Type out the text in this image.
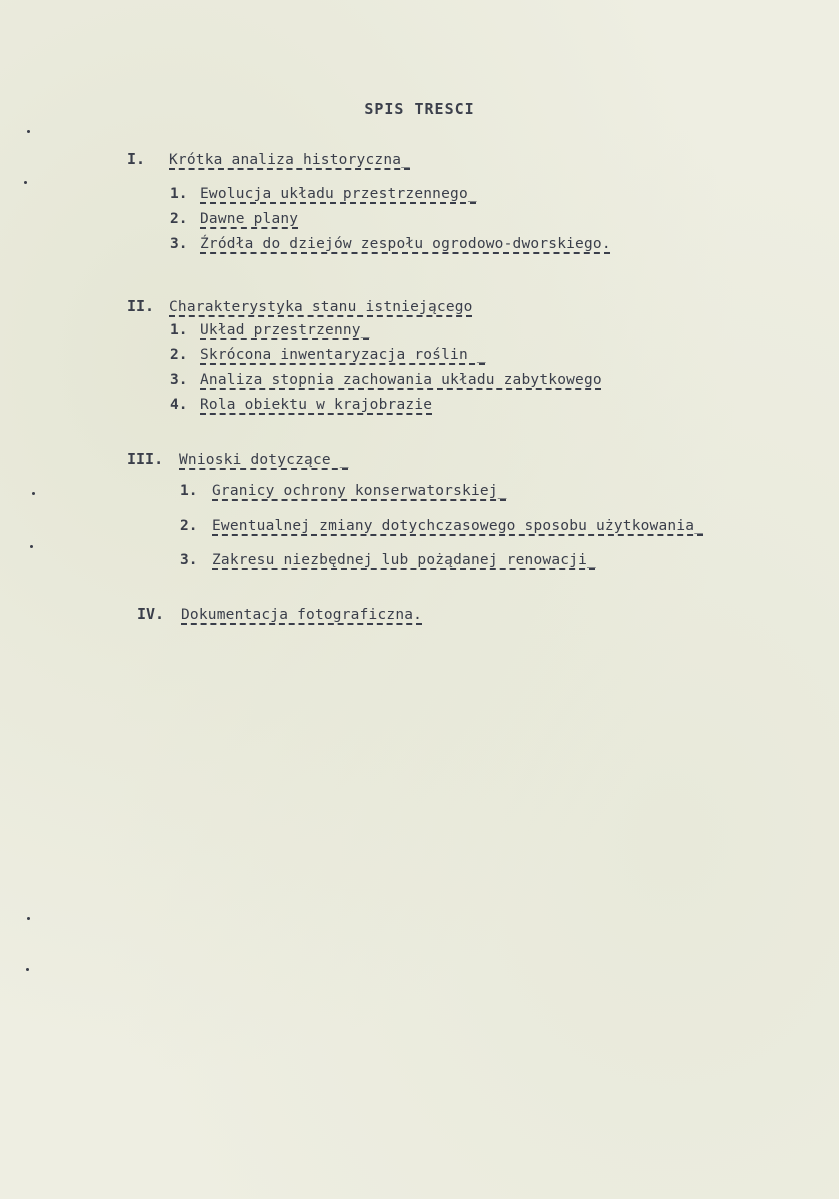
SPIS TRESCI
I. Krótka analiza historyczna_
1. Ewolucja układu przestrzennego_
2. Dawne plany
3. Źródła do dziejów zespołu ogrodowo-dworskiego.
II. Charakterystyka stanu istniejącego
1. Układ przestrzenny_
2. Skrócona inwentaryzacja roślin _
3. Analiza stopnia zachowania układu zabytkowego
4. Rola obiektu w krajobrazie
III. Wnioski dotyczące _
1. Granicy ochrony konserwatorskiej_
2. Ewentualnej zmiany dotychczasowego sposobu użytkowania_
3. Zakresu niezbędnej lub pożądanej renowacji_
IV. Dokumentacja fotograficzna.
